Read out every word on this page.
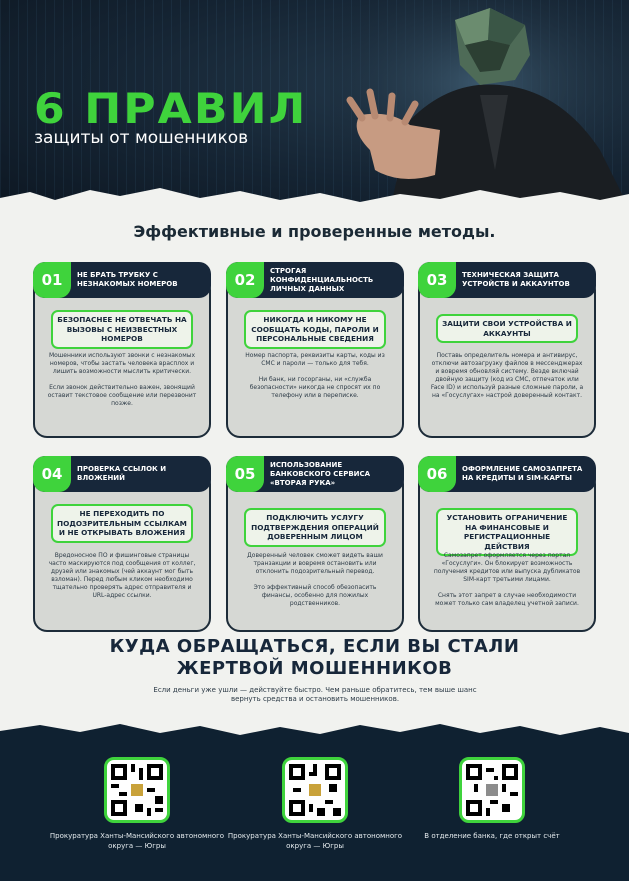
6 ПРАВИЛ
защиты от мошенников
Эффективные и проверенные методы.
01	НЕ БРАТЬ ТРУБКУ С НЕЗНАКОМЫХ НОМЕРОВ
БЕЗОПАСНЕЕ НЕ ОТВЕЧАТЬ НА ВЫЗОВЫ С НЕИЗВЕСТНЫХ НОМЕРОВ
Мошенники используют звонки с незнакомых номеров, чтобы застать человека врасплох и лишить возможности мыслить критически.

Если звонок действительно важен, звонящий оставит текстовое сообщение или перезвонит позже.
02
СТРОГАЯ КОНФИДЕНЦИАЛЬНОСТЬ ЛИЧНЫХ ДАННЫХ
НИКОГДА И НИКОМУ НЕ СООБЩАТЬ КОДЫ, ПАРОЛИ И ПЕРСОНАЛЬНЫЕ СВЕДЕНИЯ
Номер паспорта, реквизиты карты, коды из СМС и пароли — только для тебя.

Ни банк, ни госорганы, ни «служба безопасности» никогда не спросят их по телефону или в переписке.
03	ТЕХНИЧЕСКАЯ ЗАЩИТА УСТРОЙСТВ И АККАУНТОВ
ЗАЩИТИ СВОИ УСТРОЙСТВА И АККАУНТЫ
Поставь определитель номера и антивирус, отключи автозагрузку файлов в мессенджерах и вовремя обновляй систему. Везде включай двойную защиту (код из СМС, отпечаток или Face ID) и используй разные сложные пароли, а на «Госуслугах» настрой доверенный контакт.
04	ПРОВЕРКА ССЫЛОК И ВЛОЖЕНИЙ
НЕ ПЕРЕХОДИТЬ ПО ПОДОЗРИТЕЛЬНЫМ ССЫЛКАМ И НЕ ОТКРЫВАТЬ ВЛОЖЕНИЯ
Вредоносное ПО и фишинговые страницы часто маскируются под сообщения от коллег, друзей или знакомых (чей аккаунт мог быть взломан). Перед любым кликом необходимо тщательно проверять адрес отправителя и URL-адрес ссылки.
05
ИСПОЛЬЗОВАНИЕ БАНКОВСКОГО СЕРВИСА «ВТОРАЯ РУКА»
ПОДКЛЮЧИТЬ УСЛУГУ ПОДТВЕРЖДЕНИЯ ОПЕРАЦИЙ ДОВЕРЕННЫМ ЛИЦОМ
Доверенный человек сможет видеть ваши транзакции и вовремя остановить или отклонить подозрительный перевод.

Это эффективный способ обезопасить финансы, особенно для пожилых родственников.
06	ОФОРМЛЕНИЕ САМОЗАПРЕТА НА КРЕДИТЫ И SIM-КАРТЫ
УСТАНОВИТЬ ОГРАНИЧЕНИЕ НА ФИНАНСОВЫЕ И РЕГИСТРАЦИОННЫЕ ДЕЙСТВИЯ
Самозапрет оформляется через портал «Госуслуги». Он блокирует возможность получения кредитов или выпуска дубликатов SIM-карт третьими лицами.

Снять этот запрет в случае необходимости может только сам владелец учетной записи.
КУДА ОБРАЩАТЬСЯ, ЕСЛИ ВЫ СТАЛИ
ЖЕРТВОЙ МОШЕННИКОВ
Если деньги уже ушли — действуйте быстро. Чем раньше обратитесь, тем выше шанс вернуть средства и остановить мошенников.
Прокуратура Ханты-Мансийского автономного округа — Югры
Прокуратура Ханты-Мансийского автономного округа — Югры
В отделение банка, где открыт счёт
